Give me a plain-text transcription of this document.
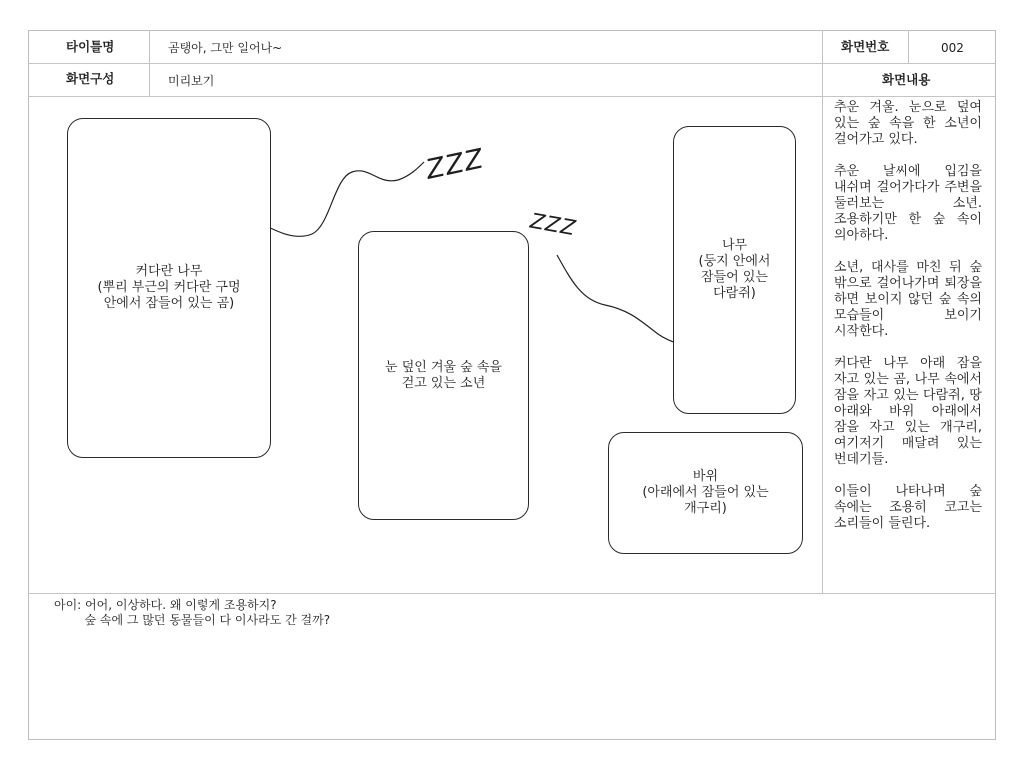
타이틀명	곰탱아, 그만 일어나~	화면번호	002
화면구성	미리보기	화면내용
ZZZ
ZZZ
커다란 나무
(뿌리 부근의 커다란 구멍
안에서 잠들어 있는 곰)
눈 덮인 겨울 숲 속을
걷고 있는 소년
나무
(둥지 안에서
잠들어 있는
다람쥐)
바위
(아래에서 잠들어 있는
개구리)

추운 겨울. 눈으로 덮여 있는 숲 속을 한 소년이 걸어가고 있다.

추운 날씨에 입김을 내쉬며 걸어가다가 주변을 둘러보는 소년. 조용하기만 한 숲 속이 의아하다.

소년, 대사를 마친 뒤 숲 밖으로 걸어나가며 퇴장을 하면 보이지 않던 숲 속의 모습들이 보이기 시작한다.

커다란 나무 아래 잠을 자고 있는 곰, 나무 속에서 잠을 자고 있는 다람쥐, 땅 아래와 바위 아래에서 잠을 자고 있는 개구리, 여기저기 매달려 있는 번데기들.

이들이 나타나며 숲 속에는 조용히 코고는 소리들이 들린다.

아이: 어어, 이상하다. 왜 이렇게 조용하지?
숲 속에 그 많던 동물들이 다 이사라도 간 걸까?
